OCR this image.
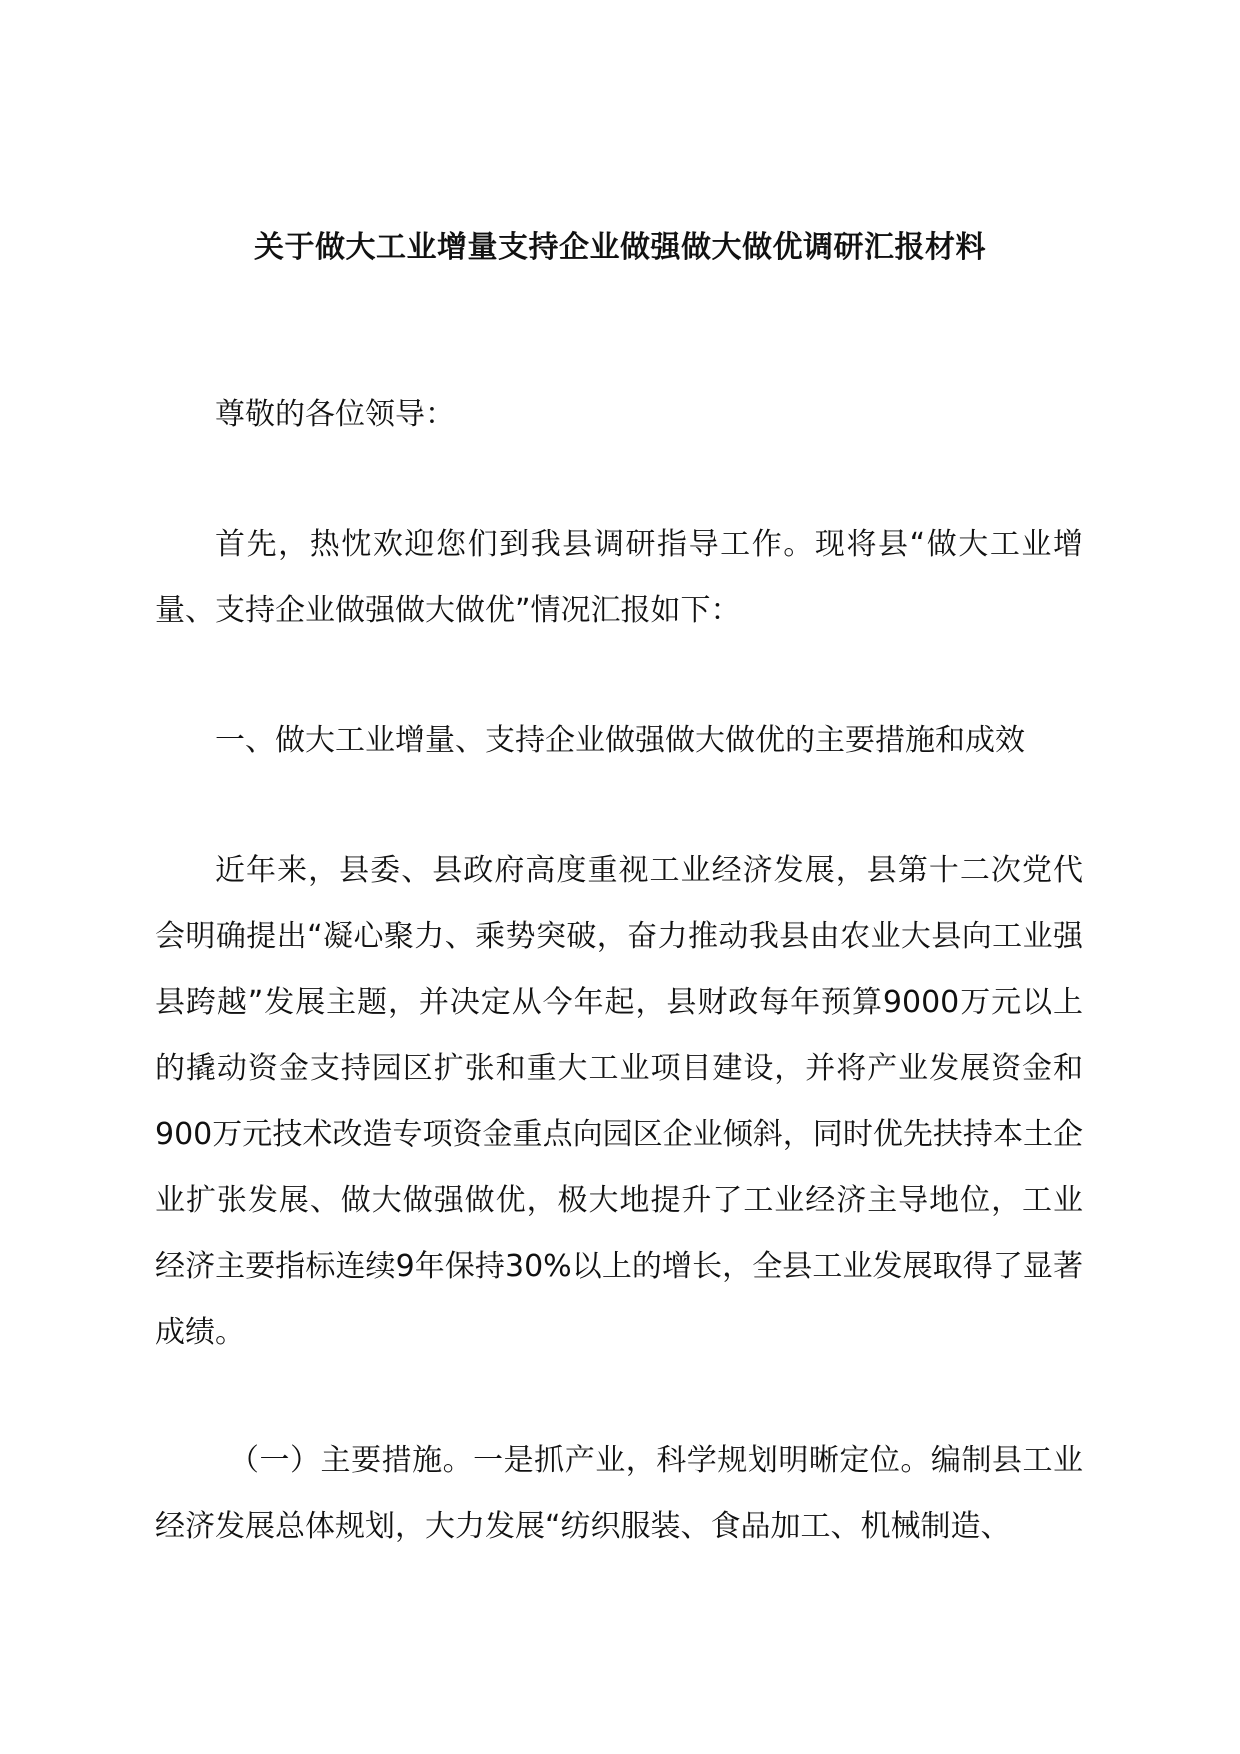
关于做大工业增量支持企业做强做大做优调研汇报材料

尊敬的各位领导：

首先，热忱欢迎您们到我县调研指导工作。现将县“做大工业增量、支持企业做强做大做优”情况汇报如下：

一、做大工业增量、支持企业做强做大做优的主要措施和成效

近年来，县委、县政府高度重视工业经济发展，县第十二次党代会明确提出“凝心聚力、乘势突破，奋力推动我县由农业大县向工业强县跨越”发展主题，并决定从今年起，县财政每年预算9000万元以上的撬动资金支持园区扩张和重大工业项目建设，并将产业发展资金和900万元技术改造专项资金重点向园区企业倾斜，同时优先扶持本土企业扩张发展、做大做强做优，极大地提升了工业经济主导地位，工业经济主要指标连续9年保持30%以上的增长，全县工业发展取得了显著成绩。

（一）主要措施。一是抓产业，科学规划明晰定位。编制县工业经济发展总体规划，大力发展“纺织服装、食品加工、机械制造、
